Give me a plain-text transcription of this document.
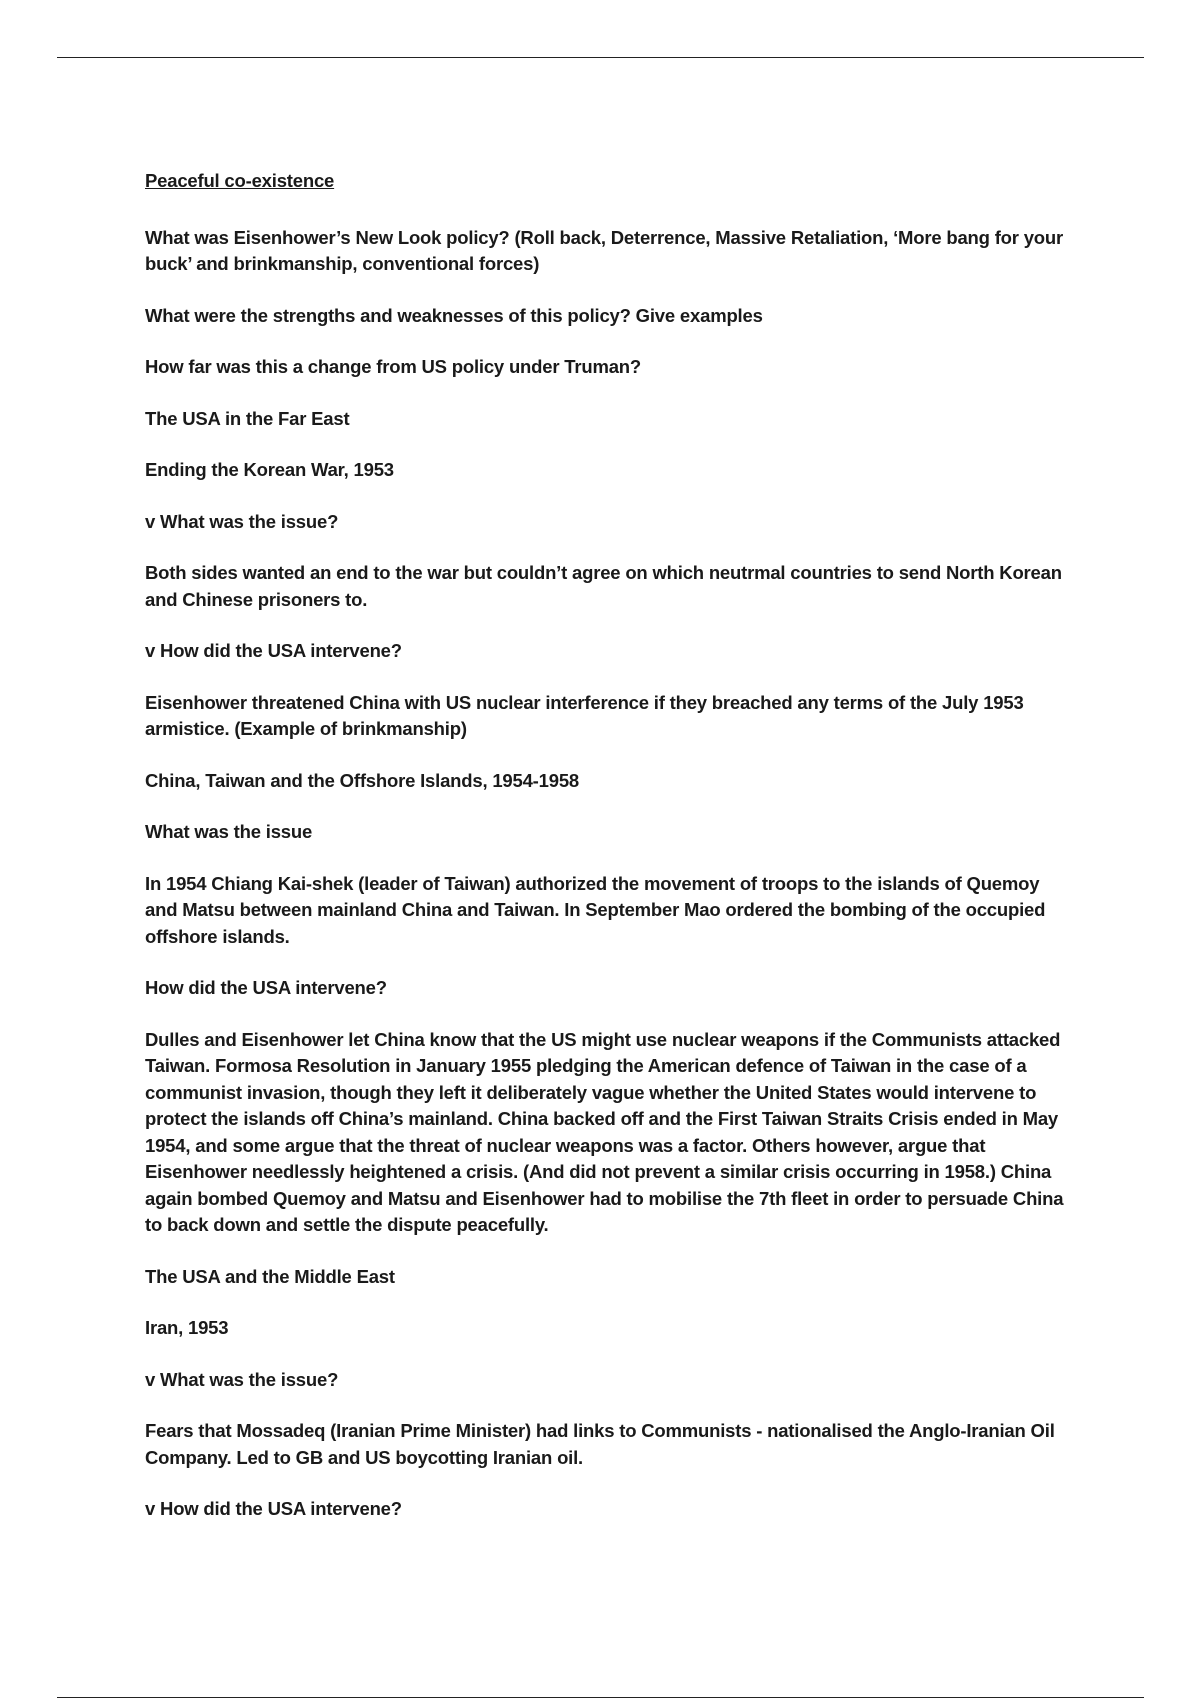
Peaceful co-existence

What was Eisenhower’s New Look policy? (Roll back, Deterrence, Massive Retaliation, ‘More bang for your buck’ and brinkmanship, conventional forces)

What were the strengths and weaknesses of this policy? Give examples

How far was this a change from US policy under Truman?

The USA in the Far East

Ending the Korean War, 1953

v What was the issue?

Both sides wanted an end to the war but couldn’t agree on which neutrmal countries to send North Korean and Chinese prisoners to.

v How did the USA intervene?

Eisenhower threatened China with US nuclear interference if they breached any terms of the July 1953 armistice. (Example of brinkmanship)

China, Taiwan and the Offshore Islands, 1954-1958

What was the issue

In 1954 Chiang Kai-shek (leader of Taiwan) authorized the movement of troops to the islands of Quemoy and Matsu between mainland China and Taiwan. In September Mao ordered the bombing of the occupied offshore islands.

How did the USA intervene?

Dulles and Eisenhower let China know that the US might use nuclear weapons if the Communists attacked Taiwan. Formosa Resolution in January 1955 pledging the American defence of Taiwan in the case of a communist invasion, though they left it deliberately vague whether the United States would intervene to protect the islands off China’s mainland. China backed off and the First Taiwan Straits Crisis ended in May 1954, and some argue that the threat of nuclear weapons was a factor. Others however, argue that Eisenhower needlessly heightened a crisis. (And did not prevent a similar crisis occurring in 1958.) China again bombed Quemoy and Matsu and Eisenhower had to mobilise the 7th fleet in order to persuade China to back down and settle the dispute peacefully.

The USA and the Middle East

Iran, 1953

v What was the issue?

Fears that Mossadeq (Iranian Prime Minister) had links to Communists - nationalised the Anglo-Iranian Oil Company. Led to GB and US boycotting Iranian oil.

v How did the USA intervene?
